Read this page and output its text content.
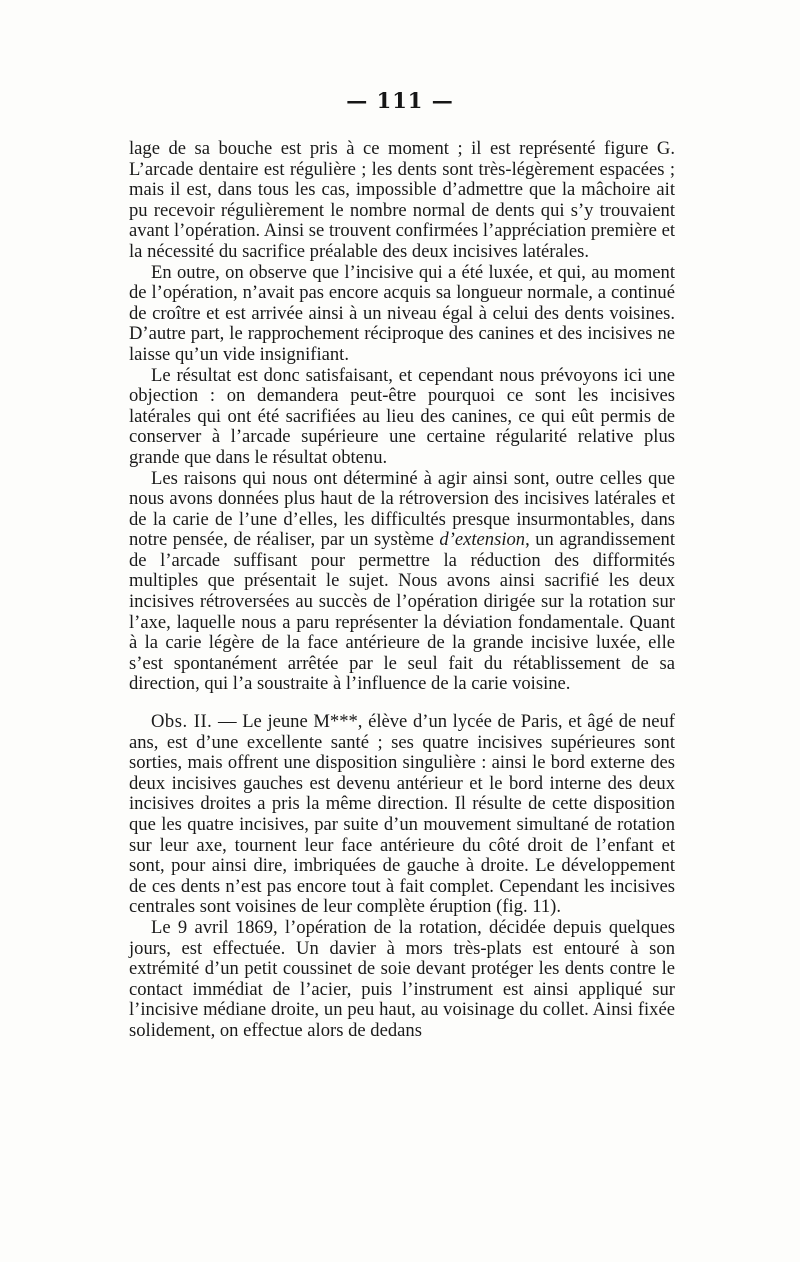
— 111 —

lage de sa bouche est pris à ce moment ; il est représenté figure G. L’arcade dentaire est régulière ; les dents sont très-légèrement espacées ; mais il est, dans tous les cas, impossible d’admettre que la mâchoire ait pu recevoir régulièrement le nombre normal de dents qui s’y trouvaient avant l’opération. Ainsi se trouvent confirmées l’appréciation première et la nécessité du sacrifice préalable des deux incisives latérales.

En outre, on observe que l’incisive qui a été luxée, et qui, au moment de l’opération, n’avait pas encore acquis sa longueur normale, a continué de croître et est arrivée ainsi à un niveau égal à celui des dents voisines. D’autre part, le rapprochement réciproque des canines et des incisives ne laisse qu’un vide insignifiant.

Le résultat est donc satisfaisant, et cependant nous prévoyons ici une objection : on demandera peut-être pourquoi ce sont les incisives latérales qui ont été sacrifiées au lieu des canines, ce qui eût permis de conserver à l’arcade supérieure une certaine régularité relative plus grande que dans le résultat obtenu.

Les raisons qui nous ont déterminé à agir ainsi sont, outre celles que nous avons données plus haut de la rétroversion des incisives latérales et de la carie de l’une d’elles, les difficultés presque insurmontables, dans notre pensée, de réaliser, par un système d’extension, un agrandissement de l’arcade suffisant pour permettre la réduction des difformités multiples que présentait le sujet. Nous avons ainsi sacrifié les deux incisives rétroversées au succès de l’opération dirigée sur la rotation sur l’axe, laquelle nous a paru représenter la déviation fondamentale. Quant à la carie légère de la face antérieure de la grande incisive luxée, elle s’est spontanément arrêtée par le seul fait du rétablissement de sa direction, qui l’a soustraite à l’influence de la carie voisine.

Obs. II. — Le jeune M***, élève d’un lycée de Paris, et âgé de neuf ans, est d’une excellente santé ; ses quatre incisives supérieures sont sorties, mais offrent une disposition singulière : ainsi le bord externe des deux incisives gauches est devenu antérieur et le bord interne des deux incisives droites a pris la même direction. Il résulte de cette disposition que les quatre incisives, par suite d’un mouvement simultané de rotation sur leur axe, tournent leur face antérieure du côté droit de l’enfant et sont, pour ainsi dire, imbriquées de gauche à droite. Le développement de ces dents n’est pas encore tout à fait complet. Cependant les incisives centrales sont voisines de leur complète éruption (fig. 11).

Le 9 avril 1869, l’opération de la rotation, décidée depuis quelques jours, est effectuée. Un davier à mors très-plats est entouré à son extrémité d’un petit coussinet de soie devant protéger les dents contre le contact immédiat de l’acier, puis l’instrument est ainsi appliqué sur l’incisive médiane droite, un peu haut, au voisinage du collet. Ainsi fixée solidement, on effectue alors de dedans
